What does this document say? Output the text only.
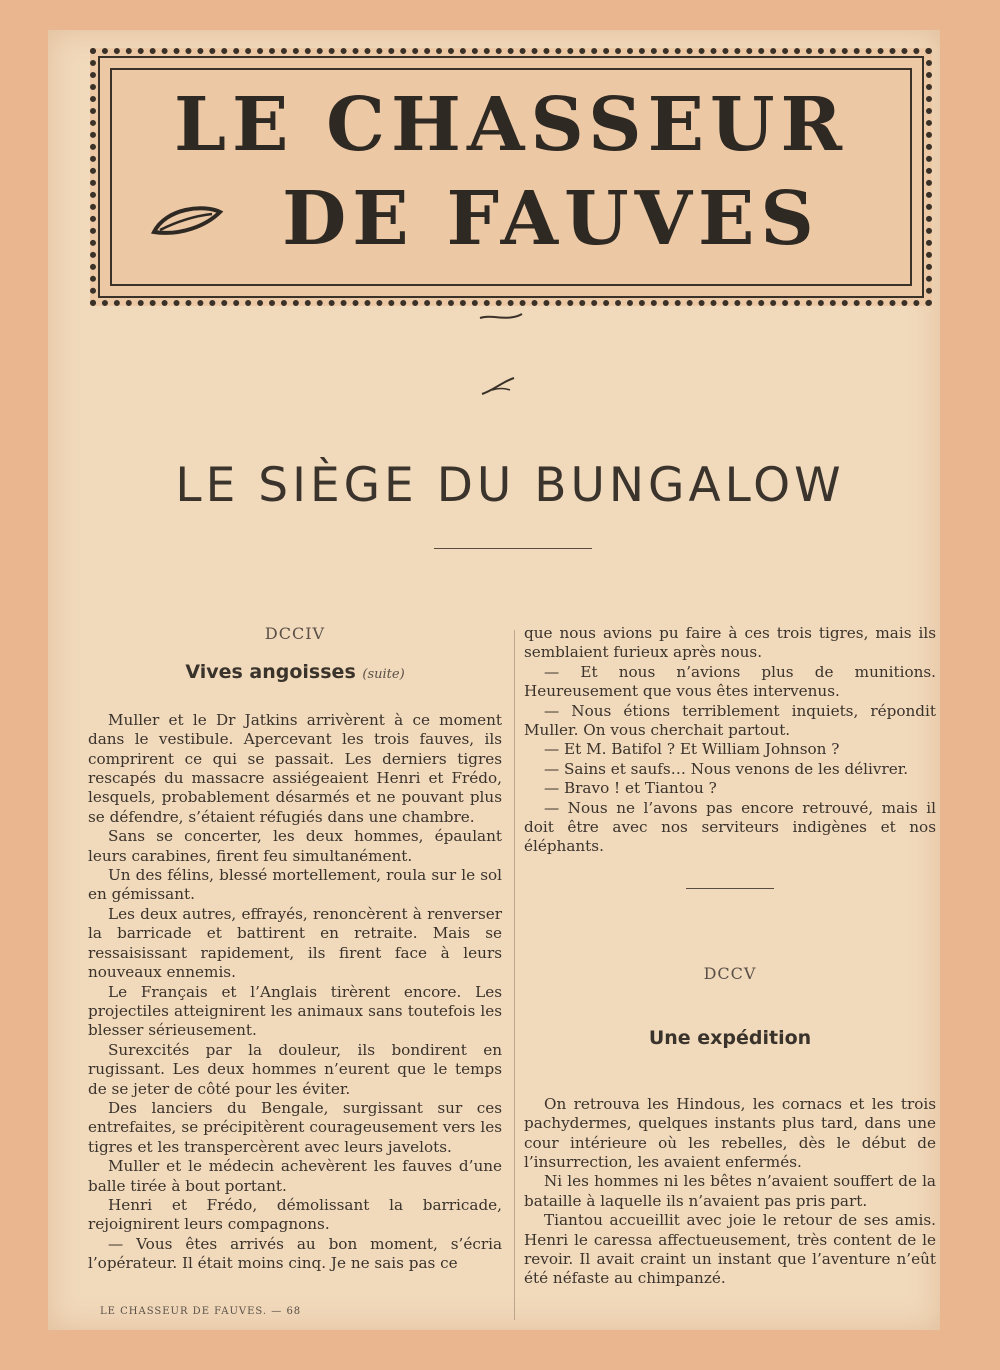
LE CHASSEUR
DE FAUVES
LE SIÈGE DU BUNGALOW
DCCIV
Vives angoisses (suite)

Muller et le Dr Jatkins arrivèrent à ce moment dans le vestibule. Apercevant les trois fauves, ils comprirent ce qui se passait. Les derniers tigres rescapés du massacre assiégeaient Henri et Frédo, lesquels, probablement désarmés et ne pouvant plus se défendre, s’étaient réfugiés dans une chambre.

Sans se concerter, les deux hommes, épaulant leurs carabines, firent feu simultanément.

Un des félins, blessé mortellement, roula sur le sol en gémissant.

Les deux autres, effrayés, renoncèrent à renverser la barricade et battirent en retraite. Mais se ressaisissant rapidement, ils firent face à leurs nouveaux ennemis.

Le Français et l’Anglais tirèrent encore. Les projectiles atteignirent les animaux sans toutefois les blesser sérieusement.

Surexcités par la douleur, ils bondirent en rugissant. Les deux hommes n’eurent que le temps de se jeter de côté pour les éviter.

Des lanciers du Bengale, surgissant sur ces entrefaites, se précipitèrent courageusement vers les tigres et les transpercèrent avec leurs javelots.

Muller et le médecin achevèrent les fauves d’une balle tirée à bout portant.

Henri et Frédo, démolissant la barricade, rejoignirent leurs compagnons.

— Vous êtes arrivés au bon moment, s’écria l’opérateur. Il était moins cinq. Je ne sais pas ce

que nous avions pu faire à ces trois tigres, mais ils semblaient furieux après nous.

— Et nous n’avions plus de munitions. Heureusement que vous êtes intervenus.

— Nous étions terriblement inquiets, répondit Muller. On vous cherchait partout.

— Et M. Batifol ? Et William Johnson ?

— Sains et saufs… Nous venons de les délivrer.

— Bravo ! et Tiantou ?

— Nous ne l’avons pas encore retrouvé, mais il doit être avec nos serviteurs indigènes et nos éléphants.

DCCV
Une expédition

On retrouva les Hindous, les cornacs et les trois pachydermes, quelques instants plus tard, dans une cour intérieure où les rebelles, dès le début de l’insurrection, les avaient enfermés.

Ni les hommes ni les bêtes n’avaient souffert de la bataille à laquelle ils n’avaient pas pris part.

Tiantou accueillit avec joie le retour de ses amis. Henri le caressa affectueusement, très content de le revoir. Il avait craint un instant que l’aventure n’eût été néfaste au chimpanzé.

LE CHASSEUR DE FAUVES. — 68
